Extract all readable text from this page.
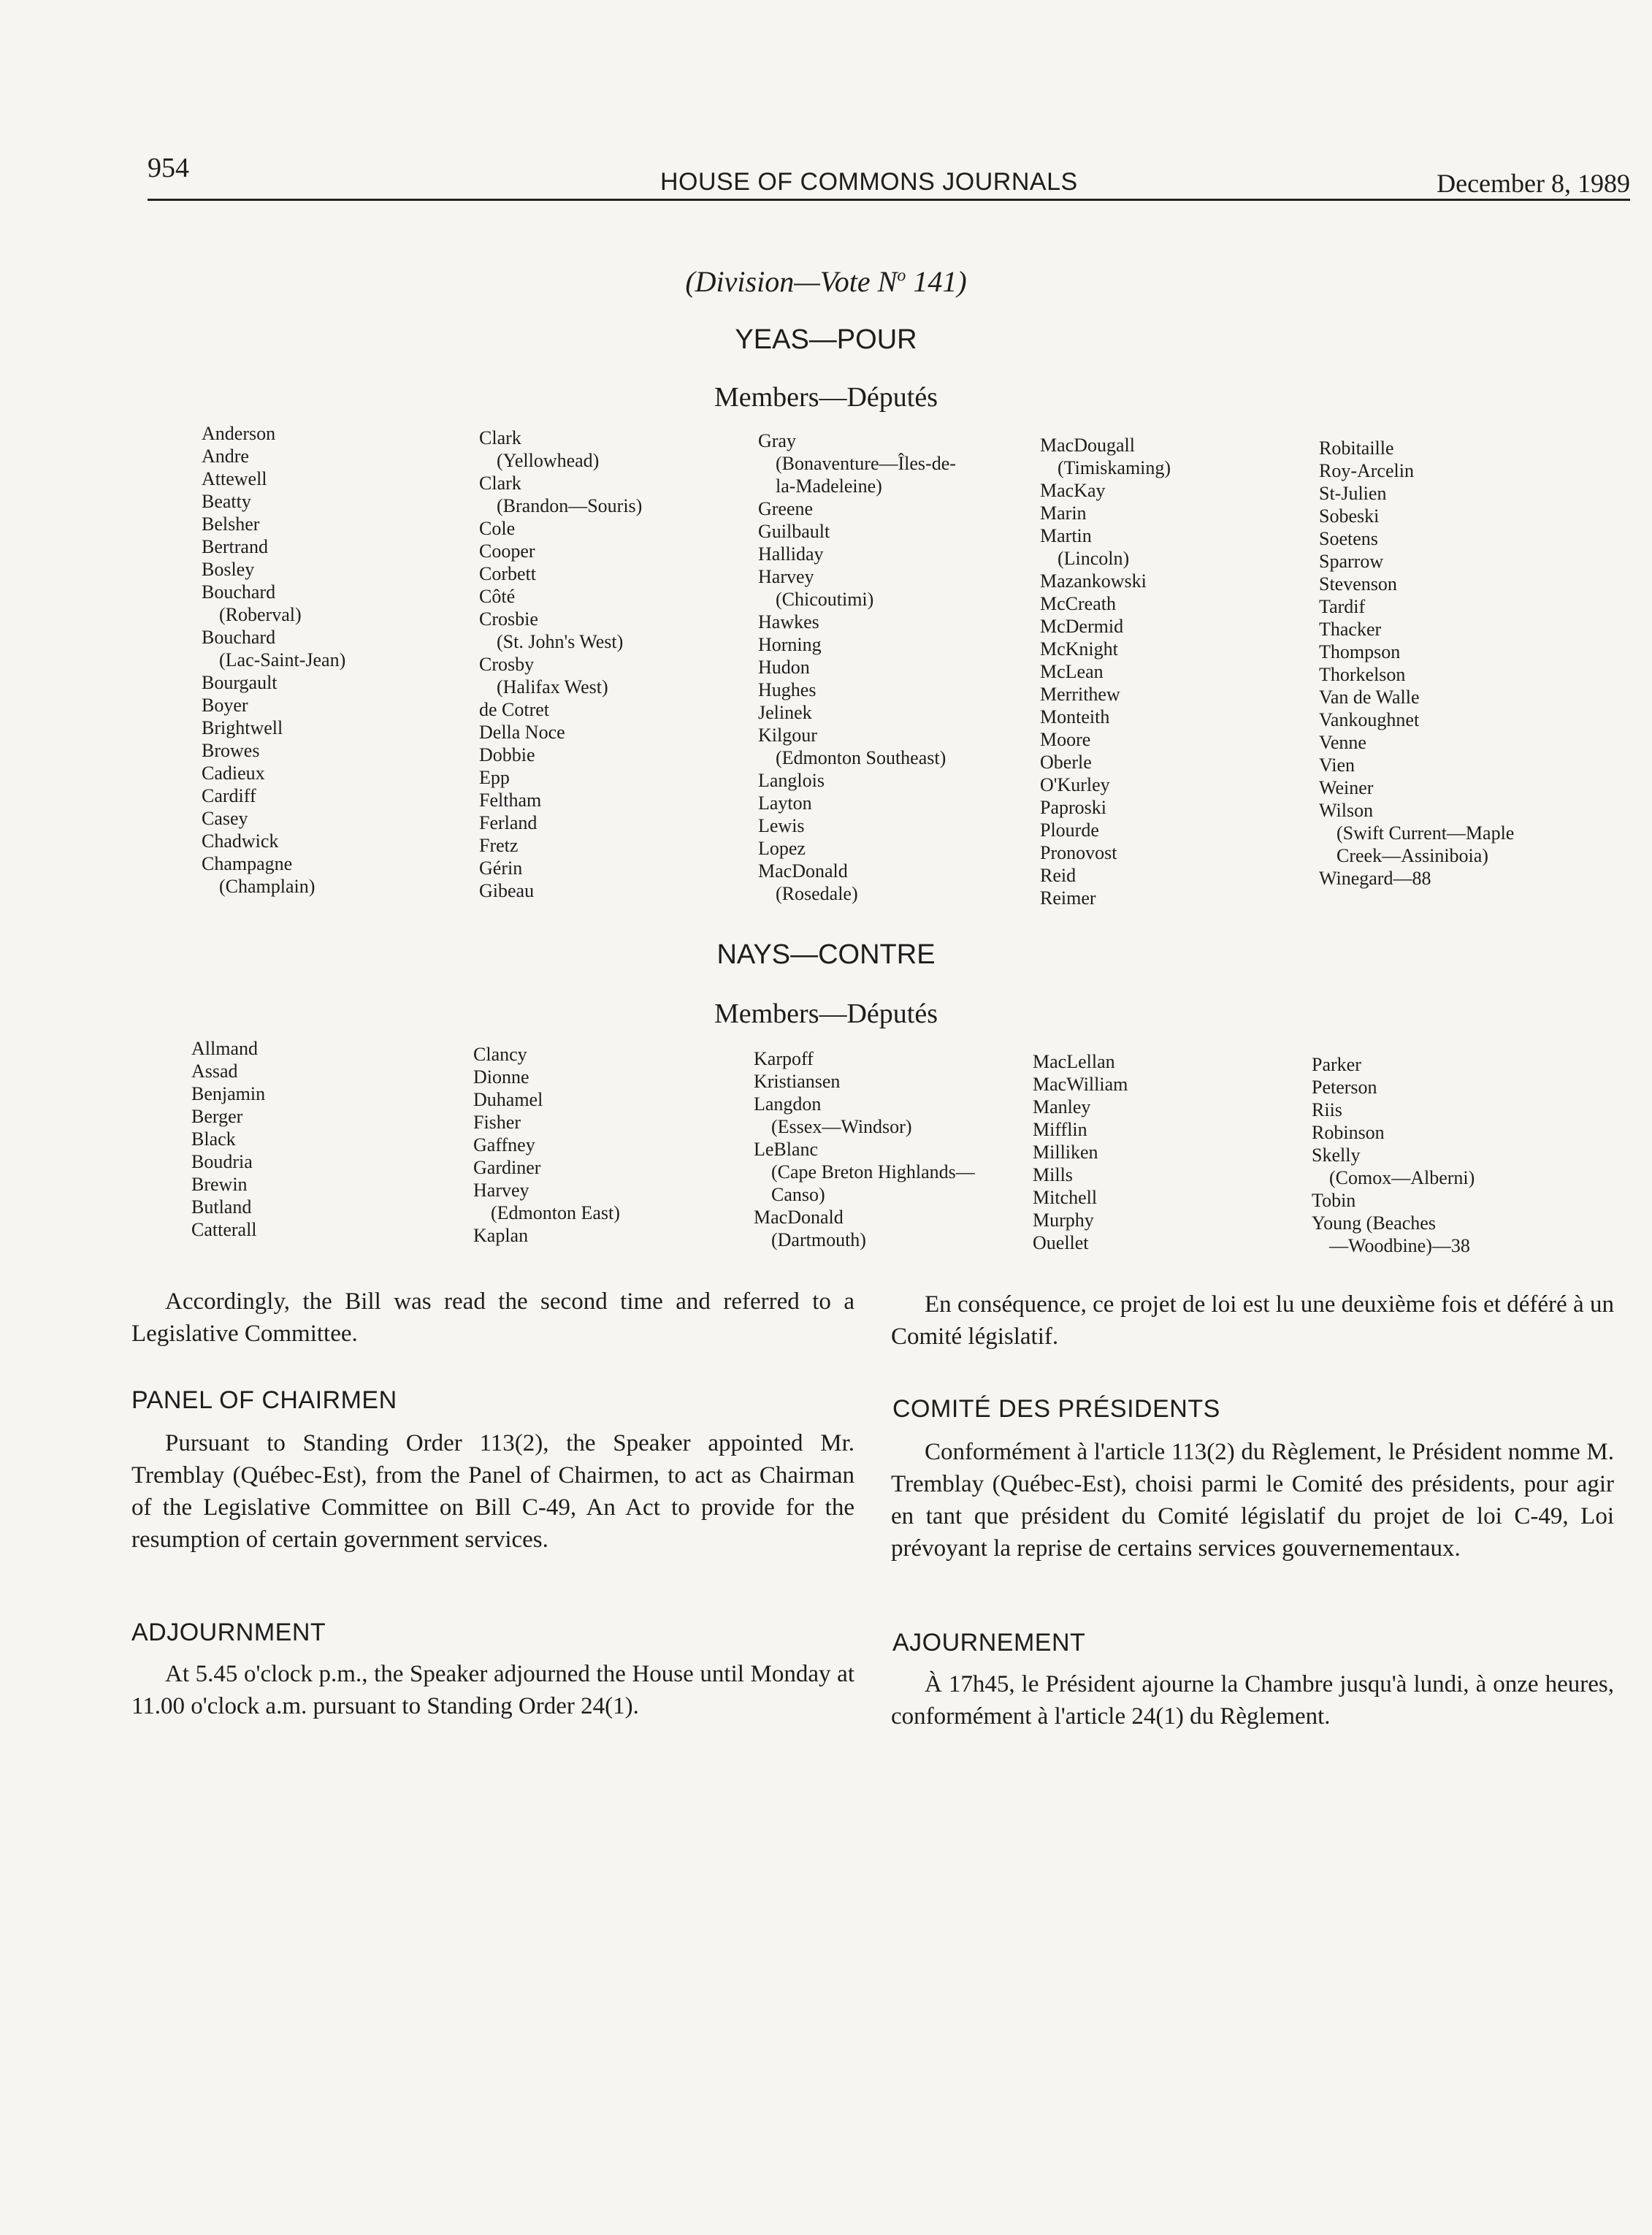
954	HOUSE OF COMMONS JOURNALS	December 8, 1989
(Division—Vote $N^o$ 141)
YEAS—POUR
Members—Députés
Anderson
Andre
Attewell
Beatty
Belsher
Bertrand
Bosley
Bouchard
(Roberval)
Bouchard
(Lac-Saint-Jean)
Bourgault
Boyer
Brightwell
Browes
Cadieux
Cardiff
Casey
Chadwick
Champagne
(Champlain)
Clark
(Yellowhead)
Clark
(Brandon—Souris)
Cole
Cooper
Corbett
Côté
Crosbie
(St. John's West)
Crosby
(Halifax West)
de Cotret
Della Noce
Dobbie
Epp
Feltham
Ferland
Fretz
Gérin
Gibeau
Gray
(Bonaventure—Îles-de-
la-Madeleine)
Greene
Guilbault
Halliday
Harvey
(Chicoutimi)
Hawkes
Horning
Hudon
Hughes
Jelinek
Kilgour
(Edmonton Southeast)
Langlois
Layton
Lewis
Lopez
MacDonald
(Rosedale)
MacDougall
(Timiskaming)
MacKay
Marin
Martin
(Lincoln)
Mazankowski
McCreath
McDermid
McKnight
McLean
Merrithew
Monteith
Moore
Oberle
O'Kurley
Paproski
Plourde
Pronovost
Reid
Reimer
Robitaille
Roy-Arcelin
St-Julien
Sobeski
Soetens
Sparrow
Stevenson
Tardif
Thacker
Thompson
Thorkelson
Van de Walle
Vankoughnet
Venne
Vien
Weiner
Wilson
(Swift Current—Maple
Creek—Assiniboia)
Winegard—88
NAYS—CONTRE
Members—Députés
Allmand
Assad
Benjamin
Berger
Black
Boudria
Brewin
Butland
Catterall
Clancy
Dionne
Duhamel
Fisher
Gaffney
Gardiner
Harvey
(Edmonton East)
Kaplan
Karpoff
Kristiansen
Langdon
(Essex—Windsor)
LeBlanc
(Cape Breton Highlands—
Canso)
MacDonald
(Dartmouth)
MacLellan
MacWilliam
Manley
Mifflin
Milliken
Mills
Mitchell
Murphy
Ouellet
Parker
Peterson
Riis
Robinson
Skelly
(Comox—Alberni)
Tobin
Young (Beaches
—Woodbine)—38

Accordingly, the Bill was read the second time and referred to a Legislative Committee.

PANEL OF CHAIRMEN

Pursuant to Standing Order 113(2), the Speaker appointed Mr. Tremblay (Québec-Est), from the Panel of Chairmen, to act as Chairman of the Legislative Committee on Bill C-49, An Act to provide for the resumption of certain government services.

ADJOURNMENT

At 5.45 o'clock p.m., the Speaker adjourned the House until Monday at 11.00 o'clock a.m. pursuant to Standing Order 24(1).

En conséquence, ce projet de loi est lu une deuxième fois et déféré à un Comité législatif.

COMITÉ DES PRÉSIDENTS

Conformément à l'article 113(2) du Règlement, le Président nomme M. Tremblay (Québec-Est), choisi parmi le Comité des présidents, pour agir en tant que président du Comité législatif du projet de loi C-49, Loi prévoyant la reprise de certains services gouvernementaux.

AJOURNEMENT

À 17h45, le Président ajourne la Chambre jusqu'à lundi, à onze heures, conformément à l'article 24(1) du Règlement.
